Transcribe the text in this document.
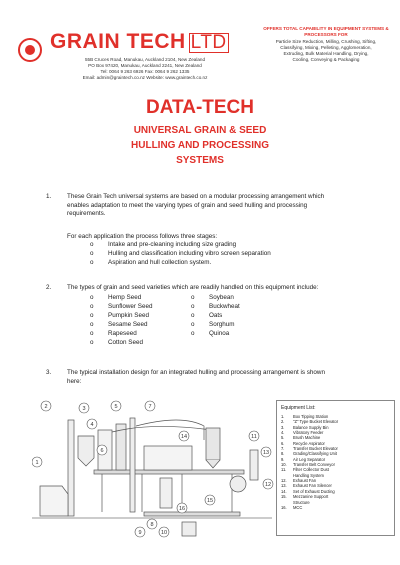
GRAIN TECH LTD
55B Cruces Road, Manukau, Auckland 2104, New Zealand
PO Box 97420, Manukau, Auckland 2241, New Zealand
Tel: 0064 9 263 6926 Fax: 0064 9 262 1335
Email: admin@graintech.co.nz Website: www.graintech.co.nz
OFFERS TOTAL CAPABILITY IN EQUIPMENT SYSTEMS & PROCESSORS FOR
Particle Size Reduction, Milling, Crushing, Sifting,
Classifying, Mixing, Pelleting, Agglomeration,
Extruding, Bulk Material Handling, Drying,
Cooling, Conveying & Packaging
DATA-TECH
UNIVERSAL GRAIN & SEED
HULLING AND PROCESSING
SYSTEMS
1. These Grain Tech universal systems are based on a modular processing arrangement which
enables adaptation to meet the varying types of grain and seed hulling and processing
requirements.
For each application the process follows three stages:
o Intake and pre-cleaning including size grading
o Hulling and classification including vibro screen separation
o Aspiration and hull collection system.
2. The types of grain and seed varieties which are readily handled on this equipment include:
o Hemp Seed
o Sunflower Seed
o Pumpkin Seed
o Sesame Seed
o Rapeseed
o Cotton Seed
o Soybean
o Buckwheat
o Oats
o Sorghum
o Quinoa
3. The typical installation design for an integrated hulling and processing arrangement is shown
here:
2
1
3
4
5	7
6
14	11
13
12
16
8
10
9
15
Equipment List:
1. Box Tipping Station
2. "Z" Type Bucket Elevator
3. Balance Supply Bin
4. Vibratory Feeder
5. Brush Machine
6. Recycle Aspirator
7. Transfer Bucket Elevator
8. Grading/Classifying Unit
9. Air Leg Separator
10. Transfer Belt Conveyor
11. Filter Collector Dust
Handling System
12. Exhaust Fan
13. Exhaust Fan Silencer
14. Set of Exhaust Ducting
15. Mezzanine Support
Structure
16. MCC
